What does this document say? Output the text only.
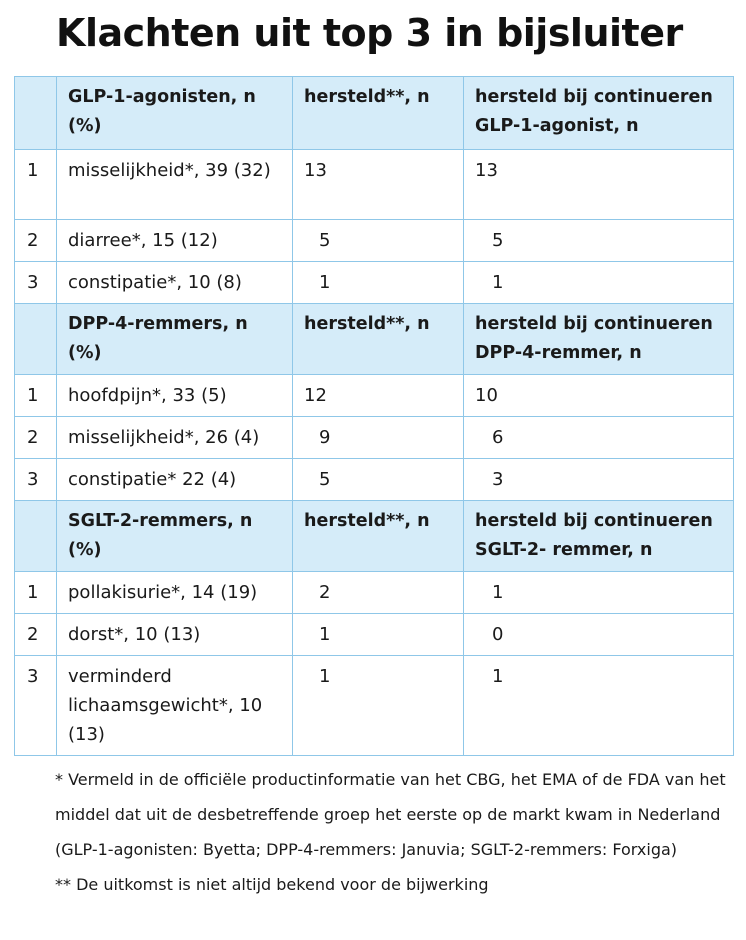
Klachten uit top 3 in bijsluiter
	GLP-1-agonisten, n (%)	hersteld**, n	hersteld bij continueren GLP-1-agonist, n
1	misselijkheid*, 39 (32)	13	13
2	diarree*, 15 (12)	5	5
3	constipatie*, 10 (8)	1	1
	DPP-4-remmers, n (%)	hersteld**, n	hersteld bij continueren DPP-4-remmer, n
1	hoofdpijn*, 33 (5)	12	10
2	misselijkheid*, 26 (4)	9	6
3	constipatie* 22 (4)	5	3
	SGLT-2-remmers, n (%)	hersteld**, n	hersteld bij continueren SGLT-2- remmer, n
1	pollakisurie*, 14 (19)	2	1
2	dorst*, 10 (13)	1	0
3	verminderd lichaamsgewicht*, 10 (13)	1	1

* Vermeld in de officiële productinformatie van het CBG, het EMA of de FDA van het middel dat uit de desbetreffende groep het eerste op de markt kwam in Nederland (GLP-1-agonisten: Byetta; DPP-4-remmers: Januvia; SGLT-2-remmers: Forxiga)

** De uitkomst is niet altijd bekend voor de bijwerking
